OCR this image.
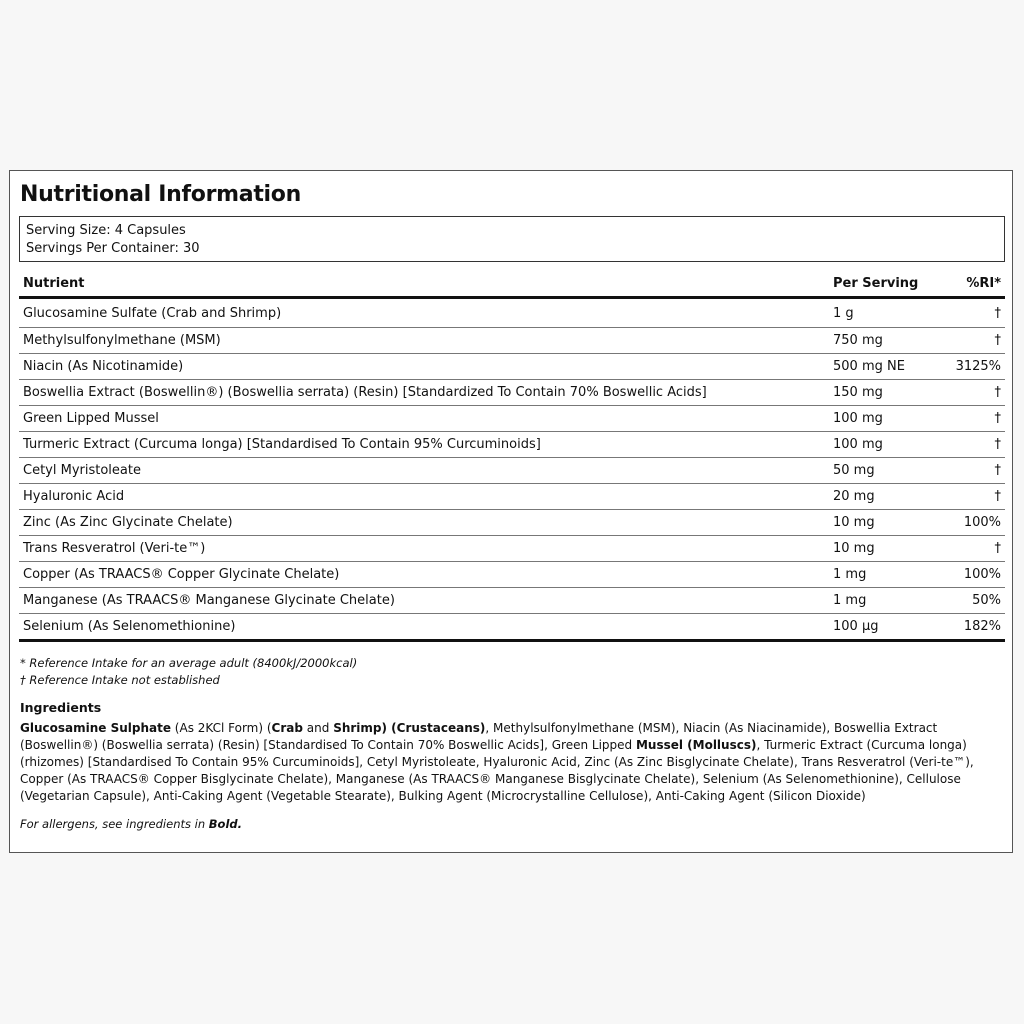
Nutritional Information
Serving Size: 4 Capsules
Servings Per Container: 30
Nutrient	Per Serving	%RI*
Glucosamine Sulfate (Crab and Shrimp)	1 g	†
Methylsulfonylmethane (MSM)	750 mg	†
Niacin (As Nicotinamide)	500 mg NE	3125%
Boswellia Extract (Boswellin®) (Boswellia serrata) (Resin) [Standardized To Contain 70% Boswellic Acids]	150 mg	†
Green Lipped Mussel	100 mg	†
Turmeric Extract (Curcuma longa) [Standardised To Contain 95% Curcuminoids]	100 mg	†
Cetyl Myristoleate	50 mg	†
Hyaluronic Acid	20 mg	†
Zinc (As Zinc Glycinate Chelate)	10 mg	100%
Trans Resveratrol (Veri-te™)	10 mg	†
Copper (As TRAACS® Copper Glycinate Chelate)	1 mg	100%
Manganese (As TRAACS® Manganese Glycinate Chelate)	1 mg	50%
Selenium (As Selenomethionine)	100 µg	182%
* Reference Intake for an average adult (8400kJ/2000kcal)
† Reference Intake not established
Ingredients

Glucosamine Sulphate (As 2KCl Form) (Crab and Shrimp) (Crustaceans), Methylsulfonylmethane (MSM), Niacin (As Niacinamide), Boswellia Extract (Boswellin®) (Boswellia serrata) (Resin) [Standardised To Contain 70% Boswellic Acids], Green Lipped Mussel (Molluscs), Turmeric Extract (Curcuma longa) (rhizomes) [Standardised To Contain 95% Curcuminoids], Cetyl Myristoleate, Hyaluronic Acid, Zinc (As Zinc Bisglycinate Chelate), Trans Resveratrol (Veri-te™), Copper (As TRAACS® Copper Bisglycinate Chelate), Manganese (As TRAACS® Manganese Bisglycinate Chelate), Selenium (As Selenomethionine), Cellulose (Vegetarian Capsule), Anti-Caking Agent (Vegetable Stearate), Bulking Agent (Microcrystalline Cellulose), Anti-Caking Agent (Silicon Dioxide)

For allergens, see ingredients in Bold.
